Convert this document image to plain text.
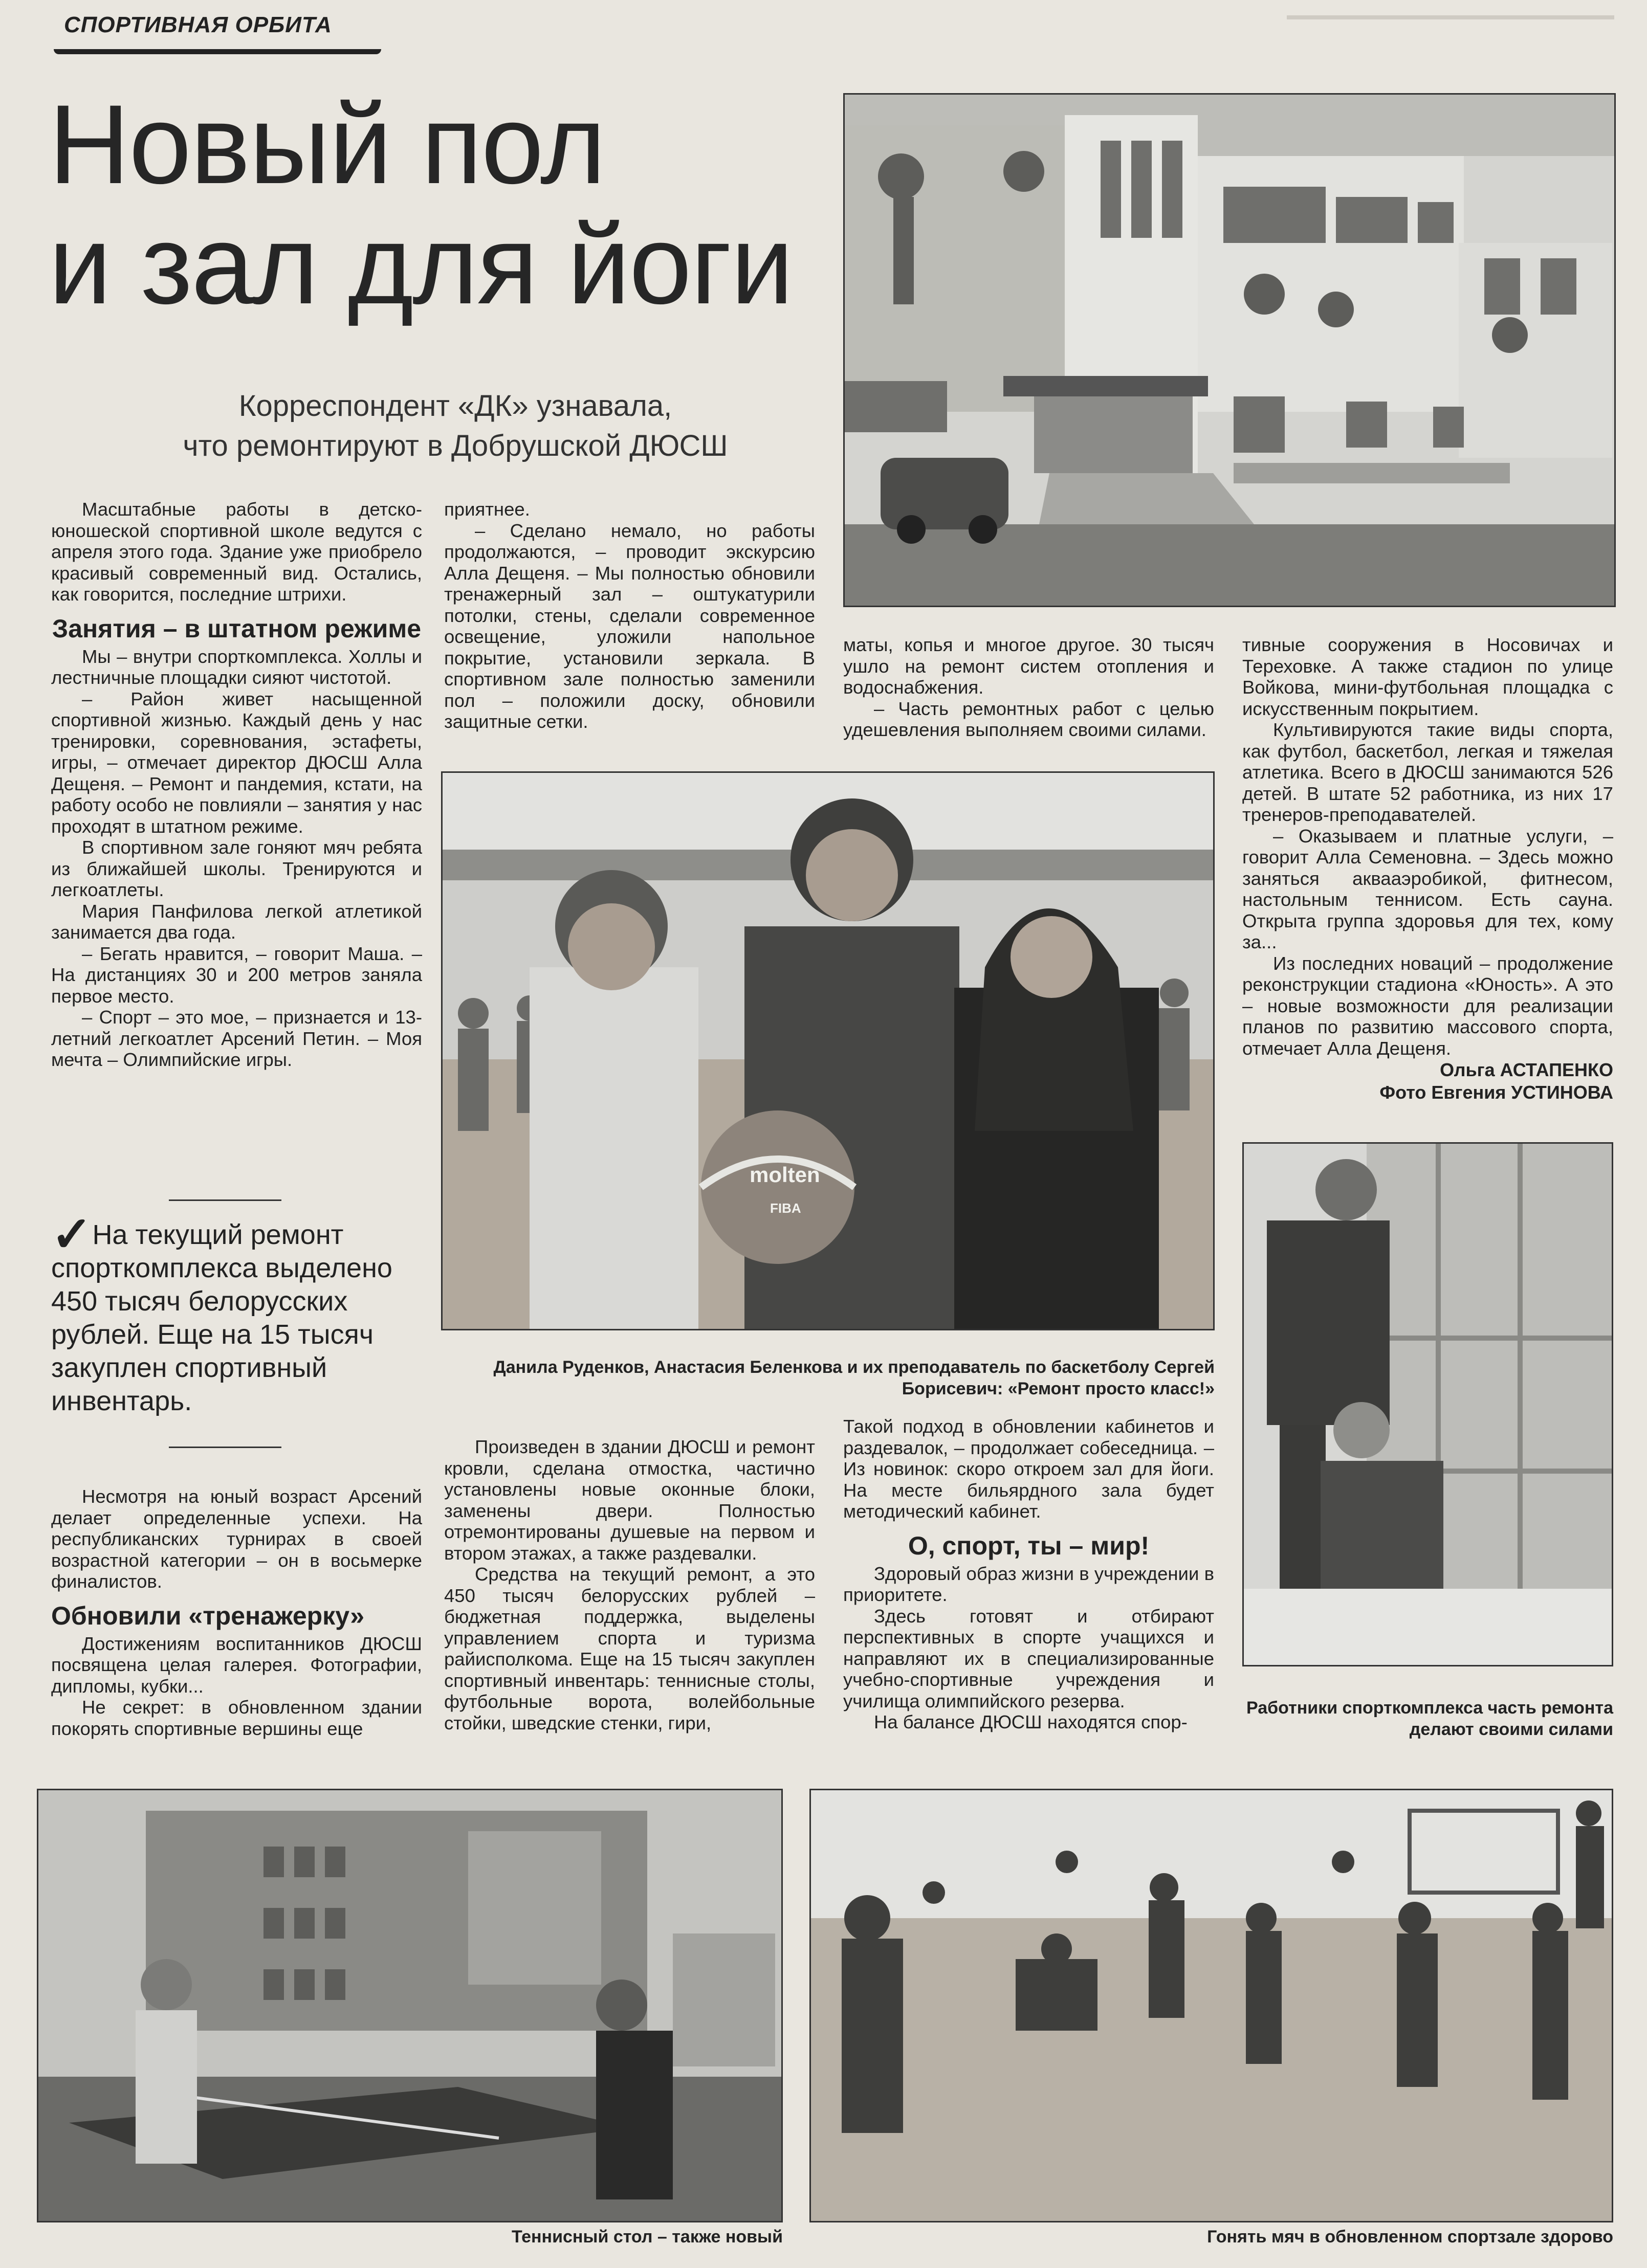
СПОРТИВНАЯ ОРБИТА
Новый пол
и зал для йоги
Корреспондент «ДК» узнавала,
что ремонтируют в Добрушской ДЮСШ

Масштабные работы в детско-юношеской спортивной школе ведутся с апреля этого года. Здание уже приобрело красивый современный вид. Остались, как говорится, последние штрихи.

Занятия – в штатном режиме

Мы – внутри спорткомплекса. Холлы и лестничные площадки сияют чистотой.

– Район живет насыщенной спортивной жизнью. Каждый день у нас тренировки, соревнования, эстафеты, игры, – отмечает директор ДЮСШ Алла Дещеня. – Ремонт и пандемия, кстати, на работу особо не повлияли – занятия у нас проходят в штатном режиме.

В спортивном зале гоняют мяч ребята из ближайшей школы. Тренируются и легкоатлеты.

Мария Панфилова легкой атлетикой занимается два года.

– Бегать нравится, – говорит Маша. – На дистанциях 30 и 200 метров заняла первое место.

– Спорт – это мое, – признается и 13-летний легкоатлет Арсений Петин. – Моя мечта – Олимпийские игры.

✓На текущий ремонт спорткомплекса выделено 450 тысяч белорусских рублей. Еще на 15 тысяч закуплен спортивный инвентарь.

Несмотря на юный возраст Арсений делает определенные успехи. На республиканских турнирах в своей возрастной категории – он в восьмерке финалистов.

Обновили «тренажерку»

Достижениям воспитанников ДЮСШ посвящена целая галерея. Фотографии, дипломы, кубки...

Не секрет: в обновленном здании покорять спортивные вершины еще

приятнее.

– Сделано немало, но работы продолжаются, – проводит экскурсию Алла Дещеня. – Мы полностью обновили тренажерный зал – оштукатурили потолки, стены, сделали современное освещение, уложили напольное покрытие, установили зеркала. В спортивном зале полностью заменили пол – положили доску, обновили защитные сетки.

маты, копья и многое другое. 30 тысяч ушло на ремонт систем отопления и водоснабжения.

– Часть ремонтных работ с целью удешевления выполняем своими силами.

тивные сооружения в Носовичах и Тереховке. А также стадион по улице Войкова, мини-футбольная площадка с искусственным покрытием.

Культивируются такие виды спорта, как футбол, баскетбол, легкая и тяжелая атлетика. Всего в ДЮСШ занимаются 526 детей. В штате 52 работника, из них 17 тренеров-преподавателей.

– Оказываем и платные услуги, – говорит Алла Семеновна. – Здесь можно заняться аквааэробикой, фитнесом, настольным теннисом. Есть сауна. Открыта группа здоровья для тех, кому за...

Из последних новаций – продолжение реконструкции стадиона «Юность». А это – новые возможности для реализации планов по развитию массового спорта, отмечает Алла Дещеня.

Ольга АСТАПЕНКО
Фото Евгения УСТИНОВА
molten
FIBA
Данила Руденков, Анастасия Беленкова и их преподаватель по баскетболу Сергей Борисевич: «Ремонт просто класс!»

Произведен в здании ДЮСШ и ремонт кровли, сделана отмостка, частично установлены новые оконные блоки, заменены двери. Полностью отремонтированы душевые на первом и втором этажах, а также раздевалки.

Средства на текущий ремонт, а это 450 тысяч белорусских рублей – бюджетная поддержка, выделены управлением спорта и туризма райисполкома. Еще на 15 тысяч закуплен спортивный инвентарь: теннисные столы, футбольные ворота, волейбольные стойки, шведские стенки, гири,

Такой подход в обновлении кабинетов и раздевалок, – продолжает собеседница. – Из новинок: скоро откроем зал для йоги. На месте бильярдного зала будет методический кабинет.

О, спорт, ты – мир!

Здоровый образ жизни в учреждении в приоритете.

Здесь готовят и отбирают перспективных в спорте учащихся и направляют их в специализированные учебно-спортивные учреждения и училища олимпийского резерва.

На балансе ДЮСШ находятся спор-

Работники спорткомплекса часть ремонта делают своими силами
Теннисный стол – также новый	Гонять мяч в обновленном спортзале здорово
